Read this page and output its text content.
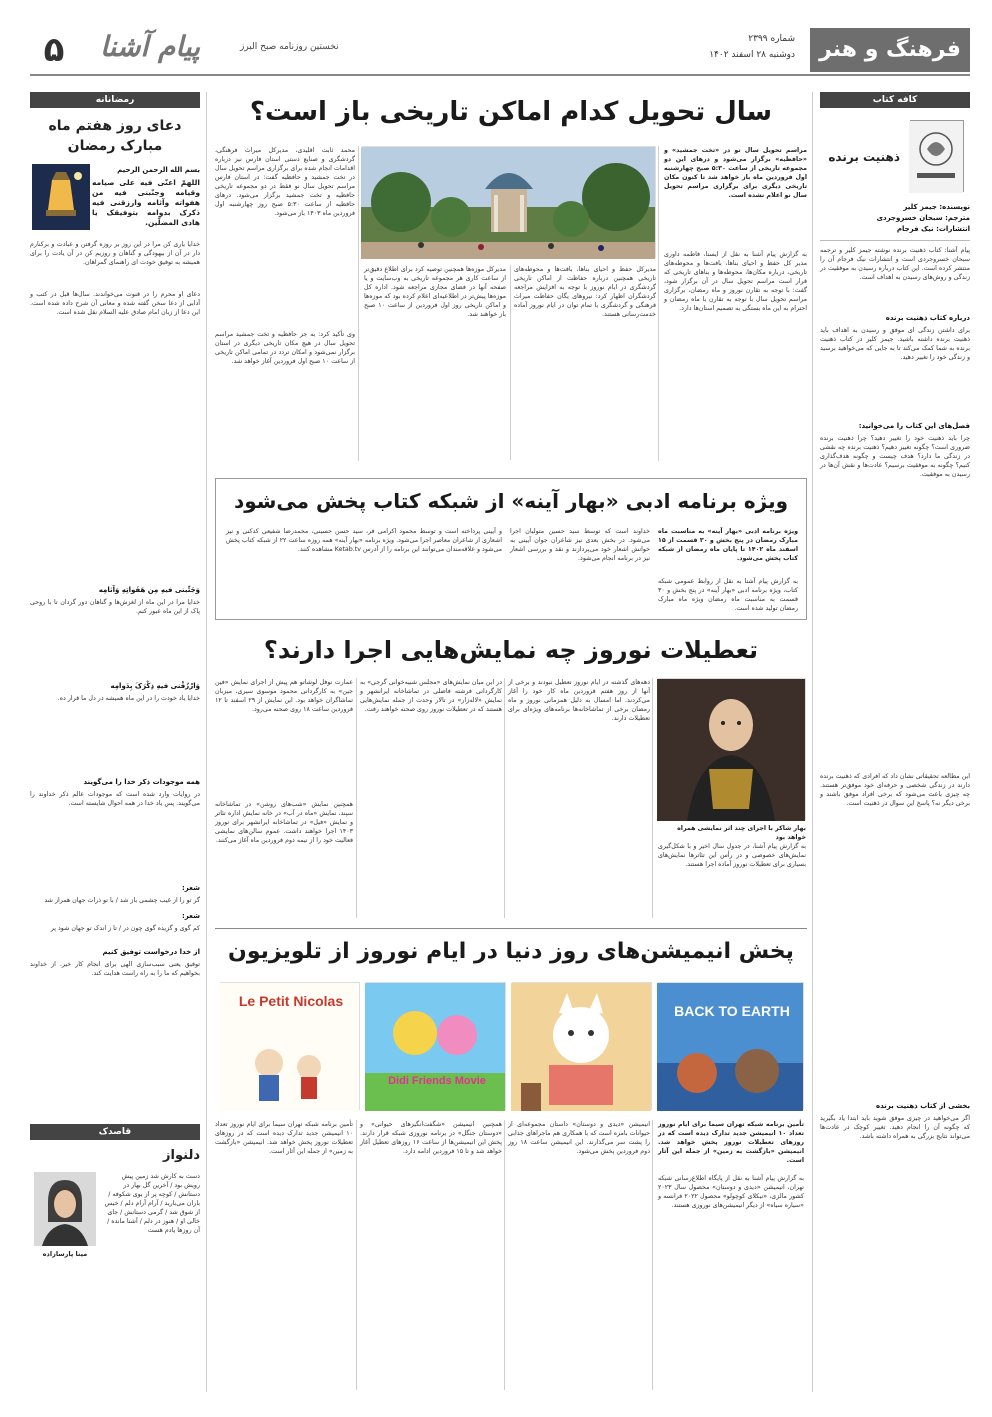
فرهنگ و هنر
شماره ۲۳۹۹
دوشنبه ۲۸ اسفند ۱۴۰۲
۵	پیام آشنا	نخستین روزنامه صبح البرز
کافه کتاب
ذهنیت برنده
نویسنده: جیمز کلیر
مترجم: سبحان خسروجردی
انتشارات: نیک فرجام
پیام آشنا: کتاب ذهنیت برنده نوشته جیمز کلیر و ترجمه سبحان خسروجردی است و انتشارات نیک فرجام آن را منتشر کرده است. این کتاب درباره رسیدن به موفقیت در زندگی و روش‌های رسیدن به اهداف است.
درباره کتاب ذهنیت برنده
برای داشتن زندگی ای موفق و رسیدن به اهداف باید ذهنیت برنده داشته باشید. جیمز کلیر در کتاب ذهنیت برنده به شما کمک می‌کند تا به جایی که می‌خواهید برسید و زندگی خود را تغییر دهید.
فصل‌های این کتاب را می‌خوانید:
چرا باید ذهنیت خود را تغییر دهید؟ چرا ذهنیت برنده ضروری است؟ چگونه تغییر دهیم؟ ذهنیت برنده چه نقشی در زندگی ما دارد؟ هدف چیست و چگونه هدف‌گذاری کنیم؟ چگونه به موفقیت برسیم؟ عادت‌ها و نقش آن‌ها در رسیدن به موفقیت.
این مطالعه تحقیقاتی نشان داد که افرادی که ذهنیت برنده دارند در زندگی شخصی و حرفه‌ای خود موفق‌تر هستند. چه چیزی باعث می‌شود که برخی افراد موفق باشند و برخی دیگر نه؟ پاسخ این سوال در ذهنیت است.
بخشی از کتاب ذهنیت برنده
اگر می‌خواهید در چیزی موفق شوید باید ابتدا یاد بگیرید که چگونه آن را انجام دهید. تغییر کوچک در عادت‌ها می‌تواند نتایج بزرگی به همراه داشته باشد.
سال تحویل کدام اماکن تاریخی باز است؟
مراسم تحویل سال نو در «تخت جمشید» و «حافظیه» برگزار می‌شود و درهای این دو مجموعه تاریخی از ساعت ۵:۳۰ صبح چهارشنبه اول فروردین ماه باز خواهد شد تا کنون مکان تاریخی دیگری برای برگزاری مراسم تحویل سال نو اعلام نشده است.
به گزارش پیام آشنا به نقل از ایسنا، فاطمه داوری مدیر کل حفظ و احیای بناها، بافت‌ها و محوطه‌های تاریخی، درباره مکان‌ها، محوطه‌ها و بناهای تاریخی که قرار است مراسم تحویل سال در آن برگزار شود، گفت: با توجه به تقارن نوروز و ماه رمضان، برگزاری مراسم تحویل سال با توجه به تقارن با ماه رمضان و احترام به این ماه بستگی به تصمیم استان‌ها دارد.
مدیرکل حفظ و احیای بناها، بافت‌ها و محوطه‌های تاریخی همچنین درباره حفاظت از اماکن تاریخی گردشگری در ایام نوروز با توجه به افزایش مراجعه گردشگران اظهار کرد: نیروهای یگان حفاظت میراث فرهنگی و گردشگری با تمام توان در ایام نوروز آماده خدمت‌رسانی هستند.
مدیرکل موزه‌ها همچنین توصیه کرد برای اطلاع دقیق‌تر از ساعت کاری هر مجموعه تاریخی به وب‌سایت و یا صفحه آنها در فضای مجازی مراجعه شود. اداره کل موزه‌ها پیش‌تر در اطلاعیه‌ای اعلام کرده بود که موزه‌ها و اماکن تاریخی روز اول فروردین از ساعت ۱۰ صبح باز خواهند شد.
محمد ثابت اقلیدی، مدیرکل میراث فرهنگی، گردشگری و صنایع دستی استان فارس نیز درباره اقدامات انجام شده برای برگزاری مراسم تحویل سال در تخت جمشید و حافظیه گفت: در استان فارس مراسم تحویل سال نو فقط در دو مجموعه تاریخی حافظیه و تخت جمشید برگزار می‌شود. درهای حافظیه از ساعت ۵:۳۰ صبح روز چهارشنبه اول فروردین ماه ۱۴۰۳ باز می‌شود.
وی تأکید کرد: به جز حافظیه و تخت جمشید مراسم تحویل سال در هیچ مکان تاریخی دیگری در استان برگزار نمی‌شود و امکان تردد در تمامی اماکن تاریخی از ساعت ۱۰ صبح اول فروردین آغاز خواهد شد.
ویژه برنامه ادبی «بهار آینه» از شبکه کتاب پخش می‌شود
ویژه برنامه ادبی «بهار آینه» به مناسبت ماه مبارک رمضان در پنج بخش و ۳۰ قسمت از ۱۵ اسفند ماه ۱۴۰۲ تا پایان ماه رمضان از شبکه کتاب پخش می‌شود.
به گزارش پیام آشنا به نقل از روابط عمومی شبکه کتاب، ویژه برنامه ادبی «بهار آینه» در پنج بخش و ۳۰ قسمت به مناسبت ماه رمضان ویژه ماه مبارک رمضان تولید شده است.
خداوند است که توسط سید حسین متولیان اجرا می‌شود. در بخش بعدی نیز شاعران جوان آیینی به خوانش اشعار خود می‌پردازند و نقد و بررسی اشعار نیز در برنامه انجام می‌شود.
و آیینی پرداخته است و توسط محمود اکرامی فر، سید حسن حسینی، محمدرضا شفیعی کدکنی و نیز اشعاری از شاعران معاصر اجرا می‌شود. ویژه برنامه «بهار آینه» همه روزه ساعت ۲۲ از شبکه کتاب پخش می‌شود و علاقه‌مندان می‌توانند این برنامه را از آدرس Ketab.tv مشاهده کنند.
تعطیلات نوروز چه نمایش‌هایی اجرا دارند؟
بهار شاکر با اجرای چند اثر نمایشی همراه خواهد بود
به گزارش پیام آشنا، در جدول سال اخیر و با شکل‌گیری نمایش‌های خصوصی و در رأس این تئاترها نمایش‌های بسیاری برای تعطیلات نوروز آماده اجرا هستند.
دهه‌های گذشته در ایام نوروز تعطیل نبودند و برخی از آنها از روز هفتم فروردین ماه کار خود را آغاز می‌کردند. اما امسال به دلیل همزمانی نوروز و ماه رمضان برخی از تماشاخانه‌ها برنامه‌های ویژه‌ای برای تعطیلات دارند.
در این میان نمایش‌های «مجلس شبیه‌خوانی گرجی» به کارگردانی فرشته فاضلی در تماشاخانه ایرانشهر و نمایش «لاله‌زار» در تالار وحدت از جمله نمایش‌هایی هستند که در تعطیلات نوروز روی صحنه خواهند رفت.
عمارت نوفل لوشاتو هم پیش از اجرای نمایش «فین جین» به کارگردانی محمود موسوی سیری، میزبان تماشاگران خواهد بود. این نمایش از ۲۹ اسفند تا ۱۲ فروردین ساعت ۱۸ روی صحنه می‌رود.
همچنین نمایش «شب‌های روشن» در تماشاخانه سپند، نمایش «ماه در آب» در خانه نمایش اداره تئاتر و نمایش «فیل» در تماشاخانه ایرانشهر برای نوروز ۱۴۰۳ اجرا خواهند داشت. عموم سالن‌های نمایشی فعالیت خود را از نیمه دوم فروردین ماه آغاز می‌کنند.
پخش انیمیشن‌های روز دنیا در ایام نوروز از تلویزیون
BACK TO EARTH
Didi Friends Movie
Le Petit Nicolas
تأمین برنامه شبکه تهران سیما برای ایام نوروز تعداد ۱۰ انیمیشن جدید تدارک دیده است که در روزهای تعطیلات نوروز پخش خواهد شد. انیمیشن «بازگشت به زمین» از جمله این آثار است.
به گزارش پیام آشنا به نقل از پایگاه اطلاع‌رسانی شبکه تهران، انیمیشن «دیدی و دوستان» محصول سال ۲۰۲۳ کشور مالزی، «نیکلای کوچولو» محصول ۲۰۲۲ فرانسه و «سیاره سیاه» از دیگر انیمیشن‌های نوروزی هستند.
انیمیشن «دیدی و دوستان» داستان مجموعه‌ای از حیوانات بامزه است که با همکاری هم ماجراهای جذابی را پشت سر می‌گذارند. این انیمیشن ساعت ۱۸ روز دوم فروردین پخش می‌شود.
همچنین انیمیشن «شگفت‌انگیزهای حیوانی» و «دوستان جنگل» در برنامه نوروزی شبکه قرار دارند. پخش این انیمیشن‌ها از ساعت ۱۶ روزهای تعطیل آغاز خواهد شد و تا ۱۵ فروردین ادامه دارد.
تأمین برنامه شبکه تهران سیما برای ایام نوروز تعداد ۱۰ انیمیشن جدید تدارک دیده است که در روزهای تعطیلات نوروز پخش خواهد شد. انیمیشن «بازگشت به زمین» از جمله این آثار است.
رمضانانه
دعای روز هفتم ماه مبارک رمضان
بسم الله الرحمن الرحیم
اللهمّ اعنّی فیه علی صیامه وقیامه وجنّبنی فیه من هفواته وآثامه وارزقنی فیه ذکرک بدوامه بتوفیقک یا هادی المضلّین.
خدایا یاری کن مرا در این روز بر روزه گرفتن و عبادت و برکنارم دار در آن از بیهودگی و گناهان و روزیم کن در آن یادت را برای همیشه به توفیق خودت ای راهنمای گمراهان.
دعای او محرم را در قنوت می‌خواندند. سال‌ها قبل در کتب و آدابی از دعا سخن گفته شده و معانی آن شرح داده شده است. این دعا از زبان امام صادق علیه السلام نقل شده است.
وَجَنِّبنی فیهِ مِن هَفَواتِهِ وَآثامِه
خدایا مرا در این ماه از لغزش‌ها و گناهان دور گردان تا با روحی پاک از این ماه عبور کنم.
وَارْزُقْنی فیهِ ذِکْرَکَ بِدَوامِه
خدایا یاد خودت را در این ماه همیشه در دل ما قرار ده.
همه موجودات ذکر خدا را می‌گویند
در روایات وارد شده است که موجودات عالم ذکر خداوند را می‌گویند. پس یاد خدا در همه احوال شایسته است.
شعر:
گر تو را از غیب چشمی باز شد / با تو ذرات جهان همراز شد
شعر:
کم گوی و گزیده گوی چون در / تا ز اندک تو جهان شود پر
از خدا درخواست توفیق کنیم
توفیق یعنی سبب‌سازی الهی برای انجام کار خیر. از خداوند بخواهیم که ما را به راه راست هدایت کند.
قاصدک
دلنواز
مینا پارسازاده
دست به کارش شد زمین پیش رویش بود / آخرین گل بهار در دستانش / کوچه پر از بوی شکوفه / باران می‌بارید / آرام آرام دلم / خیس از شوق شد / گرمی دستانش / جای خالی او / هنوز در دلم / آشنا مانده / آن روزها یادم هست
